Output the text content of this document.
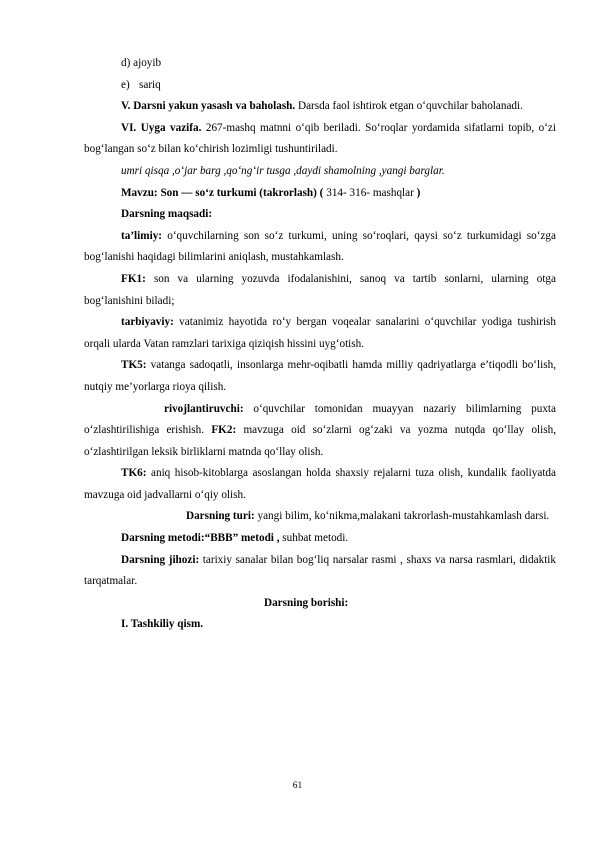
d) ajoyib

e) sariq

V. Darsni yakun yasash va baholash. Darsda faol ishtirok etgan o‘quvchilar baholanadi.

VI. Uyga vazifa. 267-mashq matnni o‘qib beriladi. So‘roqlar yordamida sifatlarni topib, o‘zi bog‘langan so‘z bilan ko‘chirish lozimligi tushuntiriladi.

umri qisqa ,o‘jar barg ,qo‘ng‘ir tusga ,daydi shamolning ,yangi barglar.

Mavzu: Son — so‘z turkumi (takrorlash) ( 314- 316- mashqlar )

Darsning maqsadi:

ta’limiy: o‘quvchilarning son so‘z turkumi, uning so‘roqlari, qaysi so‘z turkumidagi so‘zga bog‘lanishi haqidagi bilimlarini aniqlash, mustahkamlash.

FK1: son va ularning yozuvda ifodalanishini, sanoq va tartib sonlarni, ularning otga bog‘lanishini biladi;

tarbiyaviy: vatanimiz hayotida ro‘y bergan voqealar sanalarini o‘quvchilar yodiga tushirish orqali ularda Vatan ramzlari tarixiga qiziqish hissini uyg‘otish.

TK5: vatanga sadoqatli, insonlarga mehr-oqibatli hamda milliy qadriyatlarga e’tiqodli bo‘lish, nutqiy me’yorlarga rioya qilish.

rivojlantiruvchi: o‘quvchilar tomonidan muayyan nazariy bilimlarning puxta o‘zlashtirilishiga erishish. FK2: mavzuga oid so‘zlarni og‘zaki va yozma nutqda qo‘llay olish, o‘zlashtirilgan leksik birliklarni matnda qo‘llay olish.

TK6: aniq hisob-kitoblarga asoslangan holda shaxsiy rejalarni tuza olish, kundalik faoliyatda mavzuga oid jadvallarni o‘qiy olish.

Darsning turi: yangi bilim, ko‘nikma,malakani takrorlash-mustahkamlash darsi.

Darsning metodi:“BBB” metodi , suhbat metodi.

Darsning jihozi: tarixiy sanalar bilan bog‘liq narsalar rasmi , shaxs va narsa rasmlari, didaktik tarqatmalar.

Darsning borishi:

I. Tashkiliy qism.

61
